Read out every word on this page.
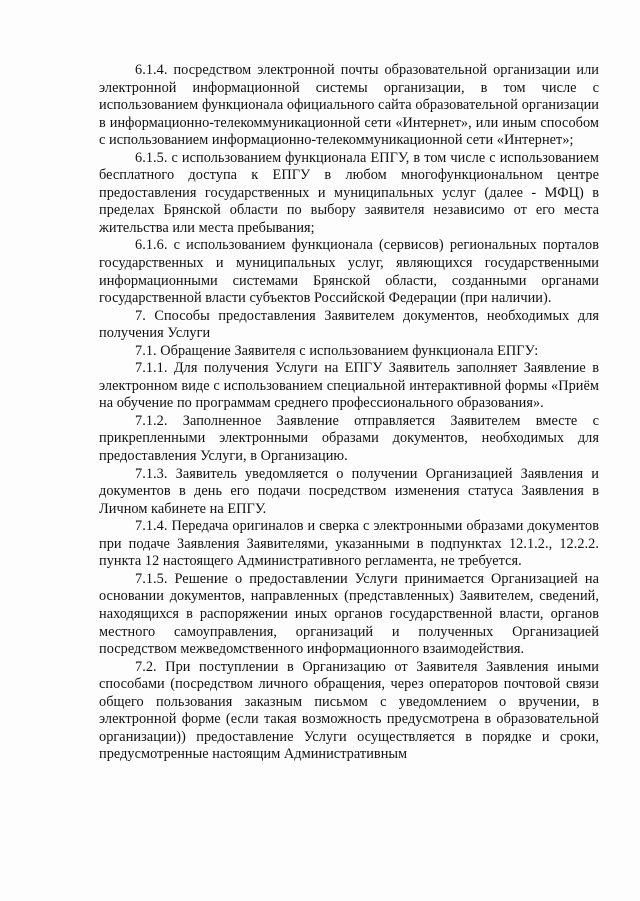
6.1.4. посредством электронной почты образовательной организации или электронной информационной системы организации, в том числе с использованием функционала официального сайта образовательной организации в информационно-телекоммуникационной сети «Интернет», или иным способом с использованием информационно-телекоммуникационной сети «Интернет»;

6.1.5. с использованием функционала ЕПГУ, в том числе с использованием бесплатного доступа к ЕПГУ в любом многофункциональном центре предоставления государственных и муниципальных услуг (далее - МФЦ) в пределах Брянской области по выбору заявителя независимо от его места жительства или места пребывания;

6.1.6. с использованием функционала (сервисов) региональных порталов государственных и муниципальных услуг, являющихся государственными информационными системами Брянской области, созданными органами государственной власти субъектов Российской Федерации (при наличии).

7. Способы предоставления Заявителем документов, необходимых для получения Услуги

7.1. Обращение Заявителя с использованием функционала ЕПГУ:

7.1.1. Для получения Услуги на ЕПГУ Заявитель заполняет Заявление в электронном виде с использованием специальной интерактивной формы «Приём на обучение по программам среднего профессионального образования».

7.1.2. Заполненное Заявление отправляется Заявителем вместе с прикрепленными электронными образами документов, необходимых для предоставления Услуги, в Организацию.

7.1.3. Заявитель уведомляется о получении Организацией Заявления и документов в день его подачи посредством изменения статуса Заявления в Личном кабинете на ЕПГУ.

7.1.4. Передача оригиналов и сверка с электронными образами документов при подаче Заявления Заявителями, указанными в подпунктах 12.1.2., 12.2.2. пункта 12 настоящего Административного регламента, не требуется.

7.1.5. Решение о предоставлении Услуги принимается Организацией на основании документов, направленных (представленных) Заявителем, сведений, находящихся в распоряжении иных органов государственной власти, органов местного самоуправления, организаций и полученных Организацией посредством межведомственного информационного взаимодействия.

7.2. При поступлении в Организацию от Заявителя Заявления иными способами (посредством личного обращения, через операторов почтовой связи общего пользования заказным письмом с уведомлением о вручении, в электронной форме (если такая возможность предусмотрена в образовательной организации)) предоставление Услуги осуществляется в порядке и сроки, предусмотренные настоящим Административным
